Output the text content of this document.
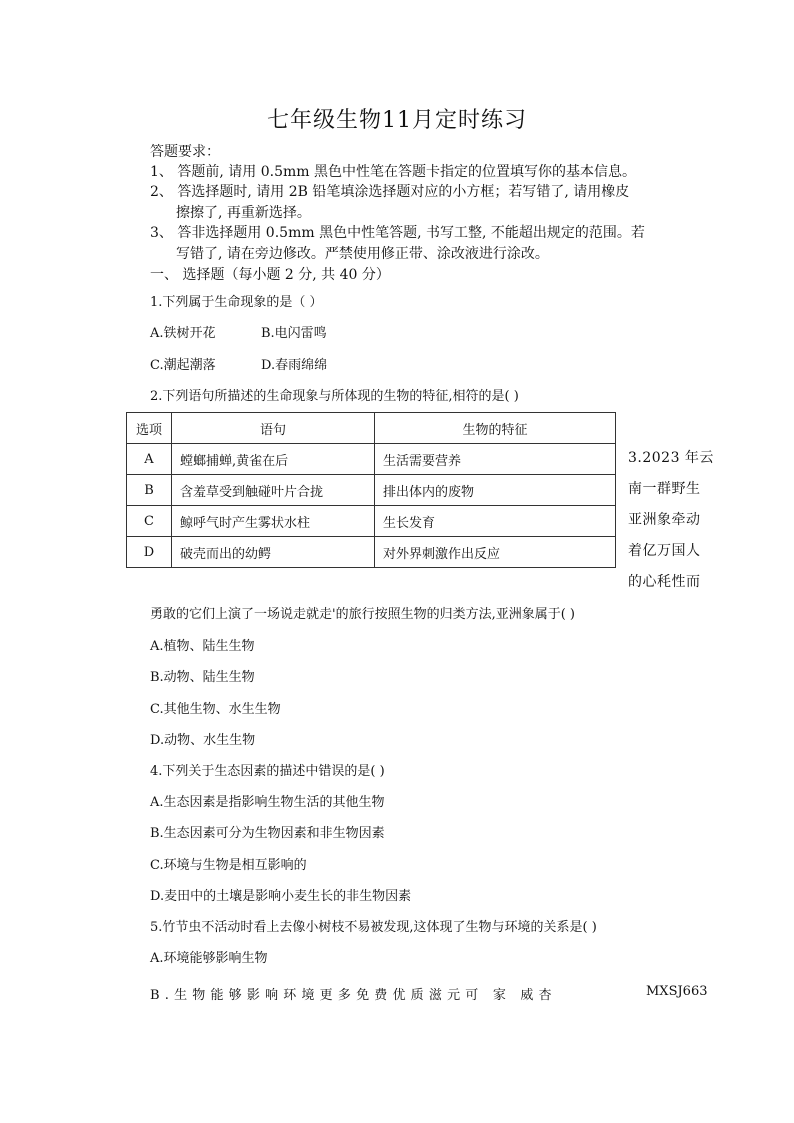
七年级生物11月定时练习
答题要求：
1、 答题前, 请用 0.5mm 黑色中性笔在答题卡指定的位置填写你的基本信息。
2、 答选择题时, 请用 2B 铅笔填涂选择题对应的小方框；若写错了, 请用橡皮
擦擦了, 再重新选择。
3、 答非选择题用 0.5mm 黑色中性笔答题, 书写工整, 不能超出规定的范围。若
写错了, 请在旁边修改。严禁使用修正带、涂改液进行涂改。
一、 选择题（每小题 2 分, 共 40 分）
1.下列属于生命现象的是（ ）
A.铁树开花	B.电闪雷鸣
C.潮起潮落	D.春雨绵绵
2.下列语句所描述的生命现象与所体现的生物的特征,相符的是( )
选项	语句	生物的特征
A	螳螂捕蝉,黄雀在后	生活需要营养
B	含羞草受到触碰叶片合拢	排出体内的废物
C	鲸呼气时产生雾状水柱	生长发育
D	破壳而出的幼鳄	对外界刺激作出反应
3.2023 年云
南一群野生
亚洲象牵动
着亿万国人
的心秏性而
勇敢的它们上演了一场说走就走'的旅行按照生物的归类方法,亚洲象属于( )
A.植物、陆生生物
B.动物、陆生生物
C.其他生物、水生生物
D.动物、水生生物
4.下列关于生态因素的描述中错误的是( )
A.生态因素是指影响生物生活的其他生物
B.生态因素可分为生物因素和非生物因素
C.环境与生物是相互影响的
D.麦田中的土壤是影响小麦生长的非生物因素
5.竹节虫不活动时看上去像小树枝不易被发现,这体现了生物与环境的关系是( )
A.环境能够影响生物
B.生物能够影响环境更多免费优质滋元可 家 威杏	MXSJ663
